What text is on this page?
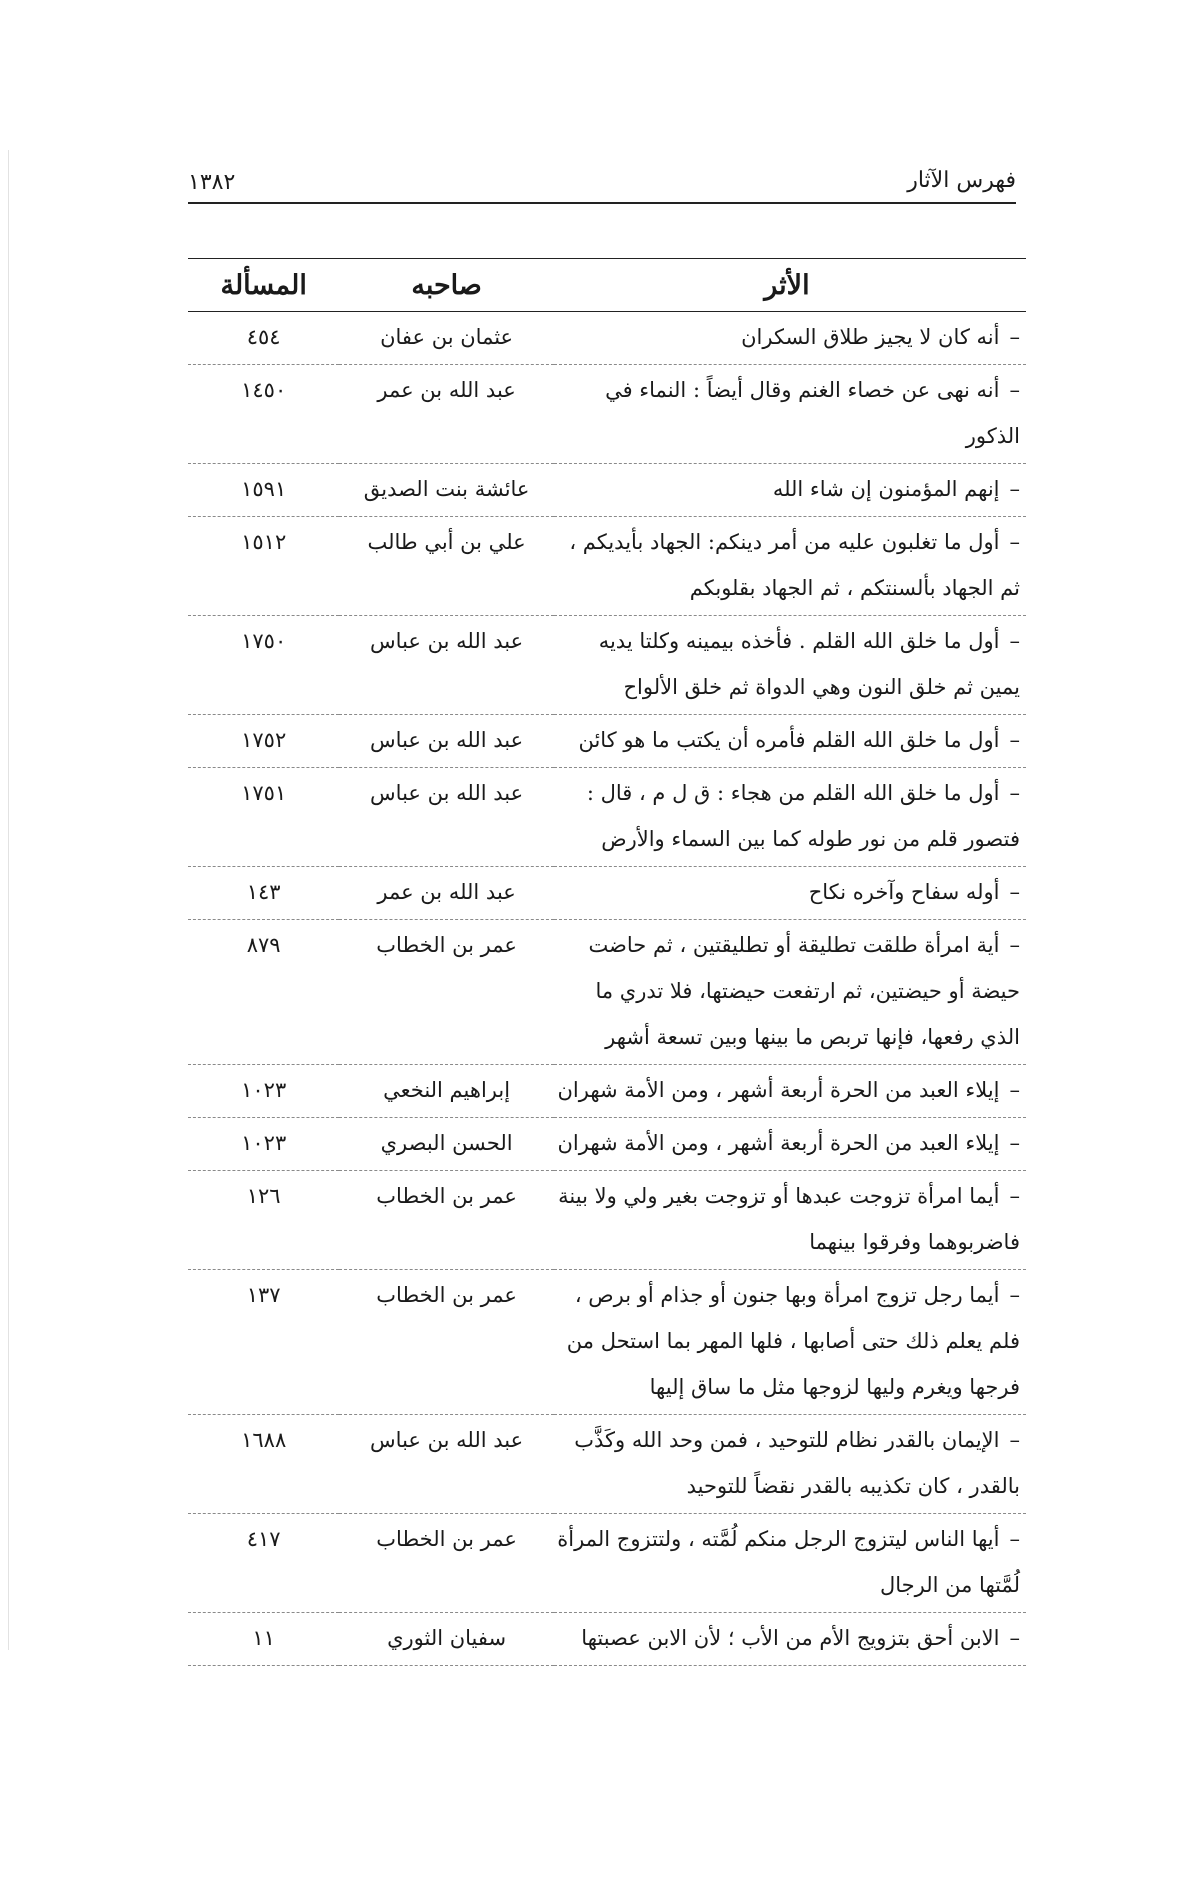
فهرس الآثار
١٣٨٢
الأثر	صاحبه	المسألة
–أنه كان لا يجيز طلاق السكران	عثمان بن عفان	٤٥٤
–أنه نهى عن خصاء الغنم وقال أيضاً : النماء في الذكور	عبد الله بن عمر	١٤٥٠
–إنهم المؤمنون إن شاء الله	عائشة بنت الصديق	١٥٩١
–أول ما تغلبون عليه من أمر دينكم: الجهاد بأيديكم ، ثم الجهاد بألسنتكم ، ثم الجهاد بقلوبكم	علي بن أبي طالب	١٥١٢
–أول ما خلق الله القلم . فأخذه بيمينه وكلتا يديه يمين ثم خلق النون وهي الدواة ثم خلق الألواح	عبد الله بن عباس	١٧٥٠
–أول ما خلق الله القلم فأمره أن يكتب ما هو كائن	عبد الله بن عباس	١٧٥٢
–أول ما خلق الله القلم من هجاء : ق ل م ، قال : فتصور قلم من نور طوله كما بين السماء والأرض	عبد الله بن عباس	١٧٥١
–أوله سفاح وآخره نكاح	عبد الله بن عمر	١٤٣
–أية امرأة طلقت تطليقة أو تطليقتين ، ثم حاضت حيضة أو حيضتين، ثم ارتفعت حيضتها، فلا تدري ما الذي رفعها، فإنها تربص ما بينها وبين تسعة أشهر	عمر بن الخطاب	٨٧٩
–إيلاء العبد من الحرة أربعة أشهر ، ومن الأمة شهران	إبراهيم النخعي	١٠٢٣
–إيلاء العبد من الحرة أربعة أشهر ، ومن الأمة شهران	الحسن البصري	١٠٢٣
–أيما امرأة تزوجت عبدها أو تزوجت بغير ولي ولا بينة فاضربوهما وفرقوا بينهما	عمر بن الخطاب	١٢٦
–أيما رجل تزوج امرأة وبها جنون أو جذام أو برص ، فلم يعلم ذلك حتى أصابها ، فلها المهر بما استحل من فرجها ويغرم وليها لزوجها مثل ما ساق إليها	عمر بن الخطاب	١٣٧
–الإيمان بالقدر نظام للتوحيد ، فمن وحد الله وكَذَّب بالقدر ، كان تكذيبه بالقدر نقضاً للتوحيد	عبد الله بن عباس	١٦٨٨
–أيها الناس ليتزوج الرجل منكم لُمَّته ، ولتتزوج المرأة لُمَّتها من الرجال	عمر بن الخطاب	٤١٧
–الابن أحق بتزويج الأم من الأب ؛ لأن الابن عصبتها	سفيان الثوري	١١
